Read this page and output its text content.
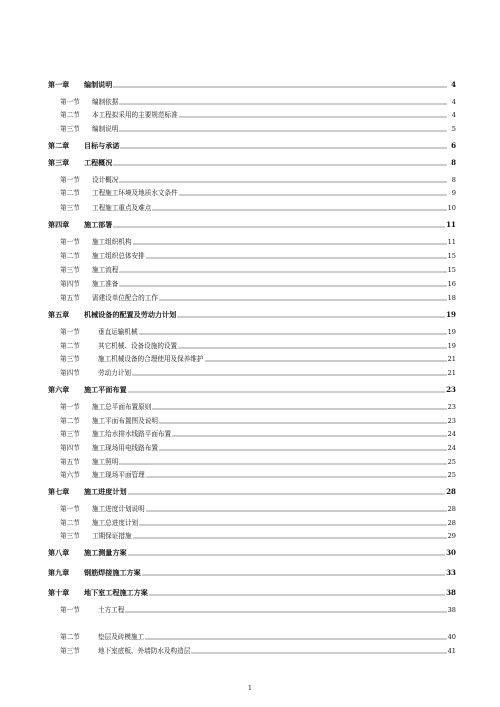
第一章	编制说明	4
第一节	编制依据	4
第二节	本工程拟采用的主要规范标准	4
第三节	编制说明	5
第二章	目标与承诺	6
第三章	工程概况	8
第一节	设计概况	8
第二节	工程施工环境及地质水文条件	9
第三节	工程施工重点及难点	10
第四章	施工部署	11
第一节	施工组织机构	11
第二节	施工组织总体安排	15
第三节	施工流程	15
第四节	施工准备	16
第五节	需建设单位配合的工作	18
第五章	机械设备的配置及劳动力计划	19
第一节	垂直运输机械	19
第二节	其它机械、设备设施的设置	19
第三节	施工机械设备的合理使用及保养维护	21
第四节	劳动力计划	21
第六章	施工平面布置	23
第一节	施工总平面布置原则	23
第二节	施工平面布置图及说明	23
第三节	施工给水排水线路平面布置	24
第四节	施工现场用电线路布置	24
第五节	施工照明	25
第六节	施工现场平面管理	25
第七章	施工进度计划	28
第一节	施工进度计划说明	28
第二节	施工总进度计划	28
第三节	工期保证措施	29
第八章	施工测量方案	30
第九章	钢筋焊接施工方案	33
第十章	地下室工程施工方案	38
第一节	土方工程	38
第二节	垫层及砖模施工	40
第三节	地下室底板、外墙防水及构造层	41
1
